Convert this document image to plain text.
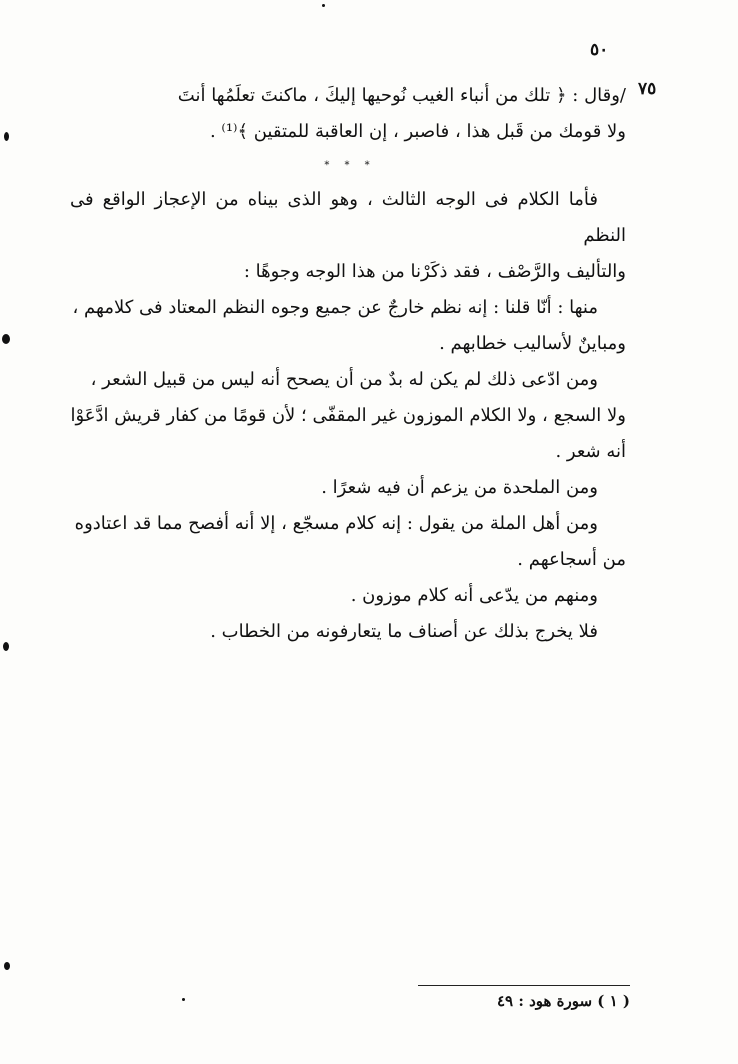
٥٠
٧٥

/وقال : ﴿ تلك من أنباء الغيب نُوحيها إليكَ ، ماكنتَ تعلَمُها أنتَ

ولا قومك من قَبل هذا ، فاصبر ، إن العاقبة للمتقين ﴾⁽¹⁾ .

* * *

فأما الكلام فى الوجه الثالث ، وهو الذى بيناه من الإعجاز الواقع فى النظم

والتأليف والرَّصْف ، فقد ذكَرْنا من هذا الوجه وجوهًا :

منها : أنّا قلنا : إنه نظم خارجٌ عن جميع وجوه النظم المعتاد فى كلامهم ،

ومباينٌ لأساليب خطابهم .

ومن ادّعى ذلك لم يكن له بدٌ من أن يصحح أنه ليس من قبيل الشعر ،

ولا السجع ، ولا الكلام الموزون غير المقفّى ؛ لأن قومًا من كفار قريش ادَّعَوْا

أنه شعر .

ومن الملحدة من يزعم أن فيه شعرًا .

ومن أهل الملة من يقول : إنه كلام مسجّع ، إلا أنه أفصح مما قد اعتادوه

من أسجاعهم .

ومنهم من يدّعى أنه كلام موزون .

فلا يخرج بذلك عن أصناف ما يتعارفونه من الخطاب .

( ١ ) سورة هود : ٤٩
